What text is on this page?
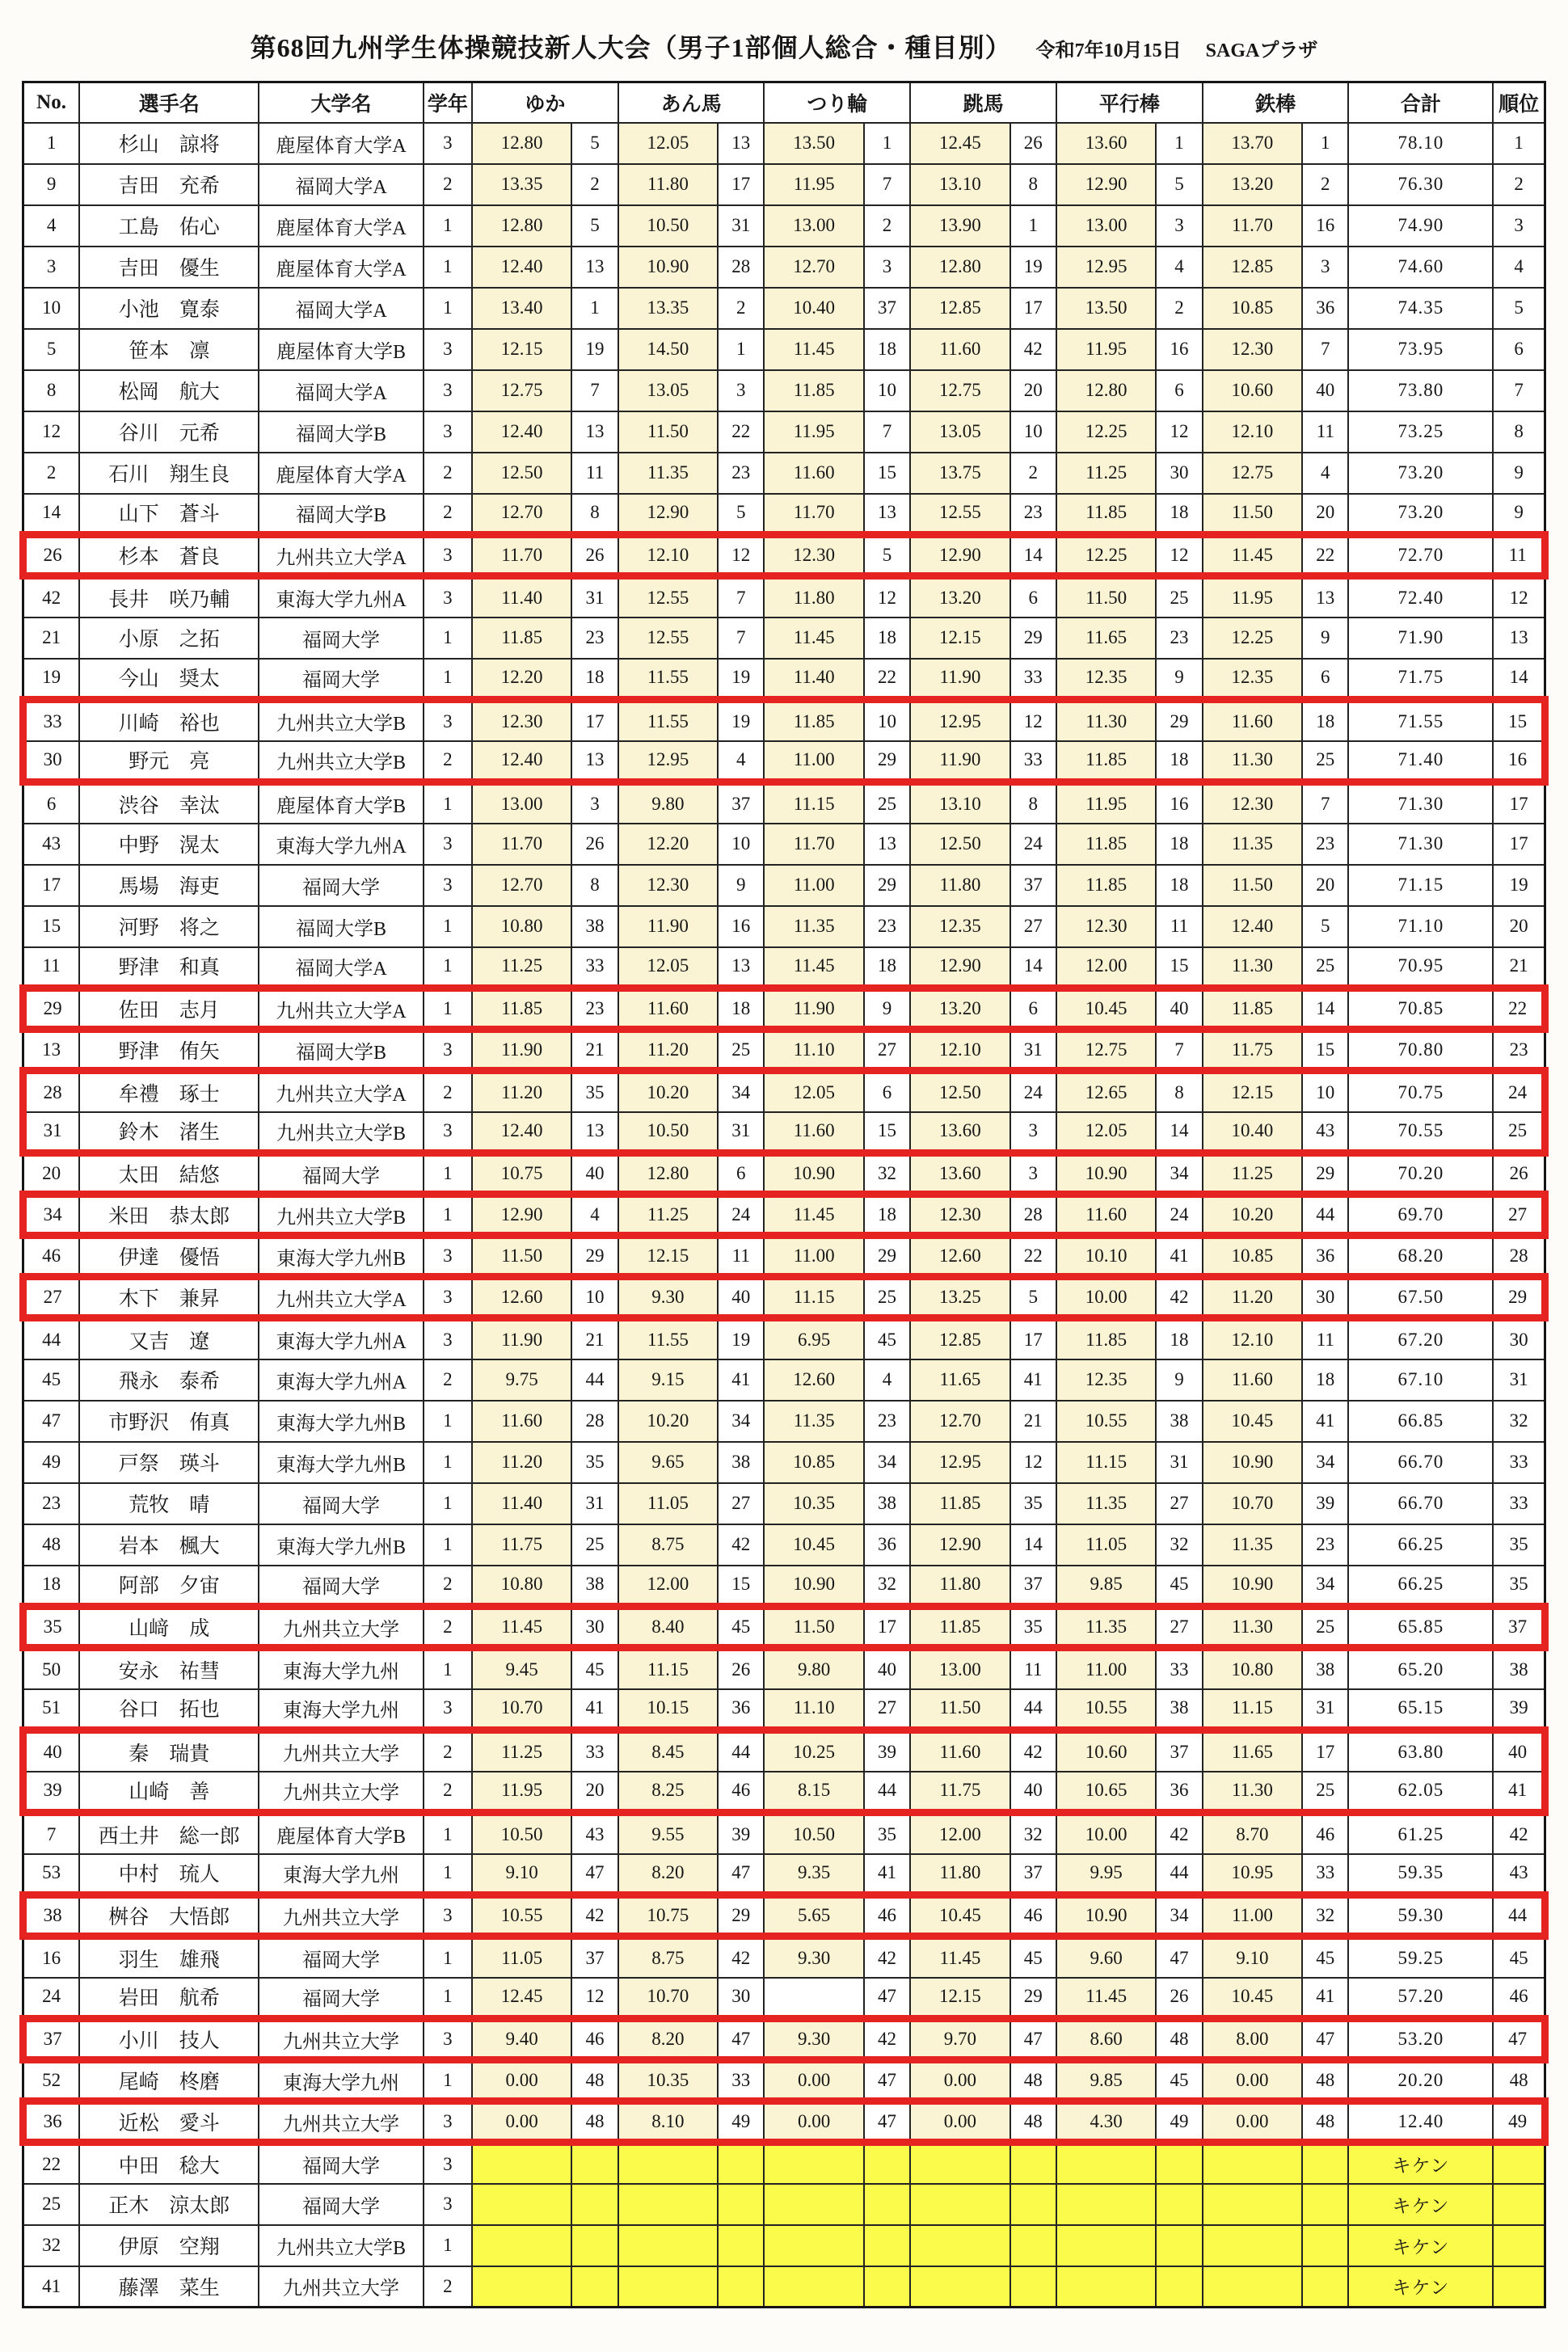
第68回九州学生体操競技新人大会（男子1部個人総合・種目別） 令和7年10月15日 SAGAプラザ
No.	選手名	大学名	学年	ゆか		あん馬		つり輪		跳馬		平行棒		鉄棒		合計	順位
1	杉山　諒将	鹿屋体育大学A	3	12.80	5	12.05	13	13.50	1	12.45	26	13.60	1	13.70	1	78.10	1
9	吉田　充希	福岡大学A	2	13.35	2	11.80	17	11.95	7	13.10	8	12.90	5	13.20	2	76.30	2
4	工島　佑心	鹿屋体育大学A	1	12.80	5	10.50	31	13.00	2	13.90	1	13.00	3	11.70	16	74.90	3
3	吉田　優生	鹿屋体育大学A	1	12.40	13	10.90	28	12.70	3	12.80	19	12.95	4	12.85	3	74.60	4
10	小池　寛泰	福岡大学A	1	13.40	1	13.35	2	10.40	37	12.85	17	13.50	2	10.85	36	74.35	5
5	笹本　凛	鹿屋体育大学B	3	12.15	19	14.50	1	11.45	18	11.60	42	11.95	16	12.30	7	73.95	6
8	松岡　航大	福岡大学A	3	12.75	7	13.05	3	11.85	10	12.75	20	12.80	6	10.60	40	73.80	7
12	谷川　元希	福岡大学B	3	12.40	13	11.50	22	11.95	7	13.05	10	12.25	12	12.10	11	73.25	8
2	石川　翔生良	鹿屋体育大学A	2	12.50	11	11.35	23	11.60	15	13.75	2	11.25	30	12.75	4	73.20	9
14	山下　蒼斗	福岡大学B	2	12.70	8	12.90	5	11.70	13	12.55	23	11.85	18	11.50	20	73.20	9
26	杉本　蒼良	九州共立大学A	3	11.70	26	12.10	12	12.30	5	12.90	14	12.25	12	11.45	22	72.70	11
42	長井　咲乃輔	東海大学九州A	3	11.40	31	12.55	7	11.80	12	13.20	6	11.50	25	11.95	13	72.40	12
21	小原　之拓	福岡大学	1	11.85	23	12.55	7	11.45	18	12.15	29	11.65	23	12.25	9	71.90	13
19	今山　奨太	福岡大学	1	12.20	18	11.55	19	11.40	22	11.90	33	12.35	9	12.35	6	71.75	14
33	川崎　裕也	九州共立大学B	3	12.30	17	11.55	19	11.85	10	12.95	12	11.30	29	11.60	18	71.55	15
30	野元　亮	九州共立大学B	2	12.40	13	12.95	4	11.00	29	11.90	33	11.85	18	11.30	25	71.40	16
6	渋谷　幸汰	鹿屋体育大学B	1	13.00	3	9.80	37	11.15	25	13.10	8	11.95	16	12.30	7	71.30	17
43	中野　滉太	東海大学九州A	3	11.70	26	12.20	10	11.70	13	12.50	24	11.85	18	11.35	23	71.30	17
17	馬場　海吏	福岡大学	3	12.70	8	12.30	9	11.00	29	11.80	37	11.85	18	11.50	20	71.15	19
15	河野　将之	福岡大学B	1	10.80	38	11.90	16	11.35	23	12.35	27	12.30	11	12.40	5	71.10	20
11	野津　和真	福岡大学A	1	11.25	33	12.05	13	11.45	18	12.90	14	12.00	15	11.30	25	70.95	21
29	佐田　志月	九州共立大学A	1	11.85	23	11.60	18	11.90	9	13.20	6	10.45	40	11.85	14	70.85	22
13	野津　侑矢	福岡大学B	3	11.90	21	11.20	25	11.10	27	12.10	31	12.75	7	11.75	15	70.80	23
28	牟禮　琢士	九州共立大学A	2	11.20	35	10.20	34	12.05	6	12.50	24	12.65	8	12.15	10	70.75	24
31	鈴木　渚生	九州共立大学B	3	12.40	13	10.50	31	11.60	15	13.60	3	12.05	14	10.40	43	70.55	25
20	太田　結悠	福岡大学	1	10.75	40	12.80	6	10.90	32	13.60	3	10.90	34	11.25	29	70.20	26
34	米田　恭太郎	九州共立大学B	1	12.90	4	11.25	24	11.45	18	12.30	28	11.60	24	10.20	44	69.70	27
46	伊達　優悟	東海大学九州B	3	11.50	29	12.15	11	11.00	29	12.60	22	10.10	41	10.85	36	68.20	28
27	木下　兼昇	九州共立大学A	3	12.60	10	9.30	40	11.15	25	13.25	5	10.00	42	11.20	30	67.50	29
44	又吉　遼	東海大学九州A	3	11.90	21	11.55	19	6.95	45	12.85	17	11.85	18	12.10	11	67.20	30
45	飛永　泰希	東海大学九州A	2	9.75	44	9.15	41	12.60	4	11.65	41	12.35	9	11.60	18	67.10	31
47	市野沢　侑真	東海大学九州B	1	11.60	28	10.20	34	11.35	23	12.70	21	10.55	38	10.45	41	66.85	32
49	戸祭　瑛斗	東海大学九州B	1	11.20	35	9.65	38	10.85	34	12.95	12	11.15	31	10.90	34	66.70	33
23	荒牧　晴	福岡大学	1	11.40	31	11.05	27	10.35	38	11.85	35	11.35	27	10.70	39	66.70	33
48	岩本　楓大	東海大学九州B	1	11.75	25	8.75	42	10.45	36	12.90	14	11.05	32	11.35	23	66.25	35
18	阿部　夕宙	福岡大学	2	10.80	38	12.00	15	10.90	32	11.80	37	9.85	45	10.90	34	66.25	35
35	山﨑　成	九州共立大学	2	11.45	30	8.40	45	11.50	17	11.85	35	11.35	27	11.30	25	65.85	37
50	安永　祐彗	東海大学九州	1	9.45	45	11.15	26	9.80	40	13.00	11	11.00	33	10.80	38	65.20	38
51	谷口　拓也	東海大学九州	3	10.70	41	10.15	36	11.10	27	11.50	44	10.55	38	11.15	31	65.15	39
40	秦　瑞貴	九州共立大学	2	11.25	33	8.45	44	10.25	39	11.60	42	10.60	37	11.65	17	63.80	40
39	山崎　善	九州共立大学	2	11.95	20	8.25	46	8.15	44	11.75	40	10.65	36	11.30	25	62.05	41
7	西土井　総一郎	鹿屋体育大学B	1	10.50	43	9.55	39	10.50	35	12.00	32	10.00	42	8.70	46	61.25	42
53	中村　琉人	東海大学九州	1	9.10	47	8.20	47	9.35	41	11.80	37	9.95	44	10.95	33	59.35	43
38	桝谷　大悟郎	九州共立大学	3	10.55	42	10.75	29	5.65	46	10.45	46	10.90	34	11.00	32	59.30	44
16	羽生　雄飛	福岡大学	1	11.05	37	8.75	42	9.30	42	11.45	45	9.60	47	9.10	45	59.25	45
24	岩田　航希	福岡大学	1	12.45	12	10.70	30		47	12.15	29	11.45	26	10.45	41	57.20	46
37	小川　技人	九州共立大学	3	9.40	46	8.20	47	9.30	42	9.70	47	8.60	48	8.00	47	53.20	47
52	尾崎　柊磨	東海大学九州	1	0.00	48	10.35	33	0.00	47	0.00	48	9.85	45	0.00	48	20.20	48
36	近松　愛斗	九州共立大学	3	0.00	48	8.10	49	0.00	47	0.00	48	4.30	49	0.00	48	12.40	49
22	中田　稔大	福岡大学	3													キケン	
25	正木　涼太郎	福岡大学	3													キケン	
32	伊原　空翔	九州共立大学B	1													キケン	
41	藤澤　菜生	九州共立大学	2													キケン	
